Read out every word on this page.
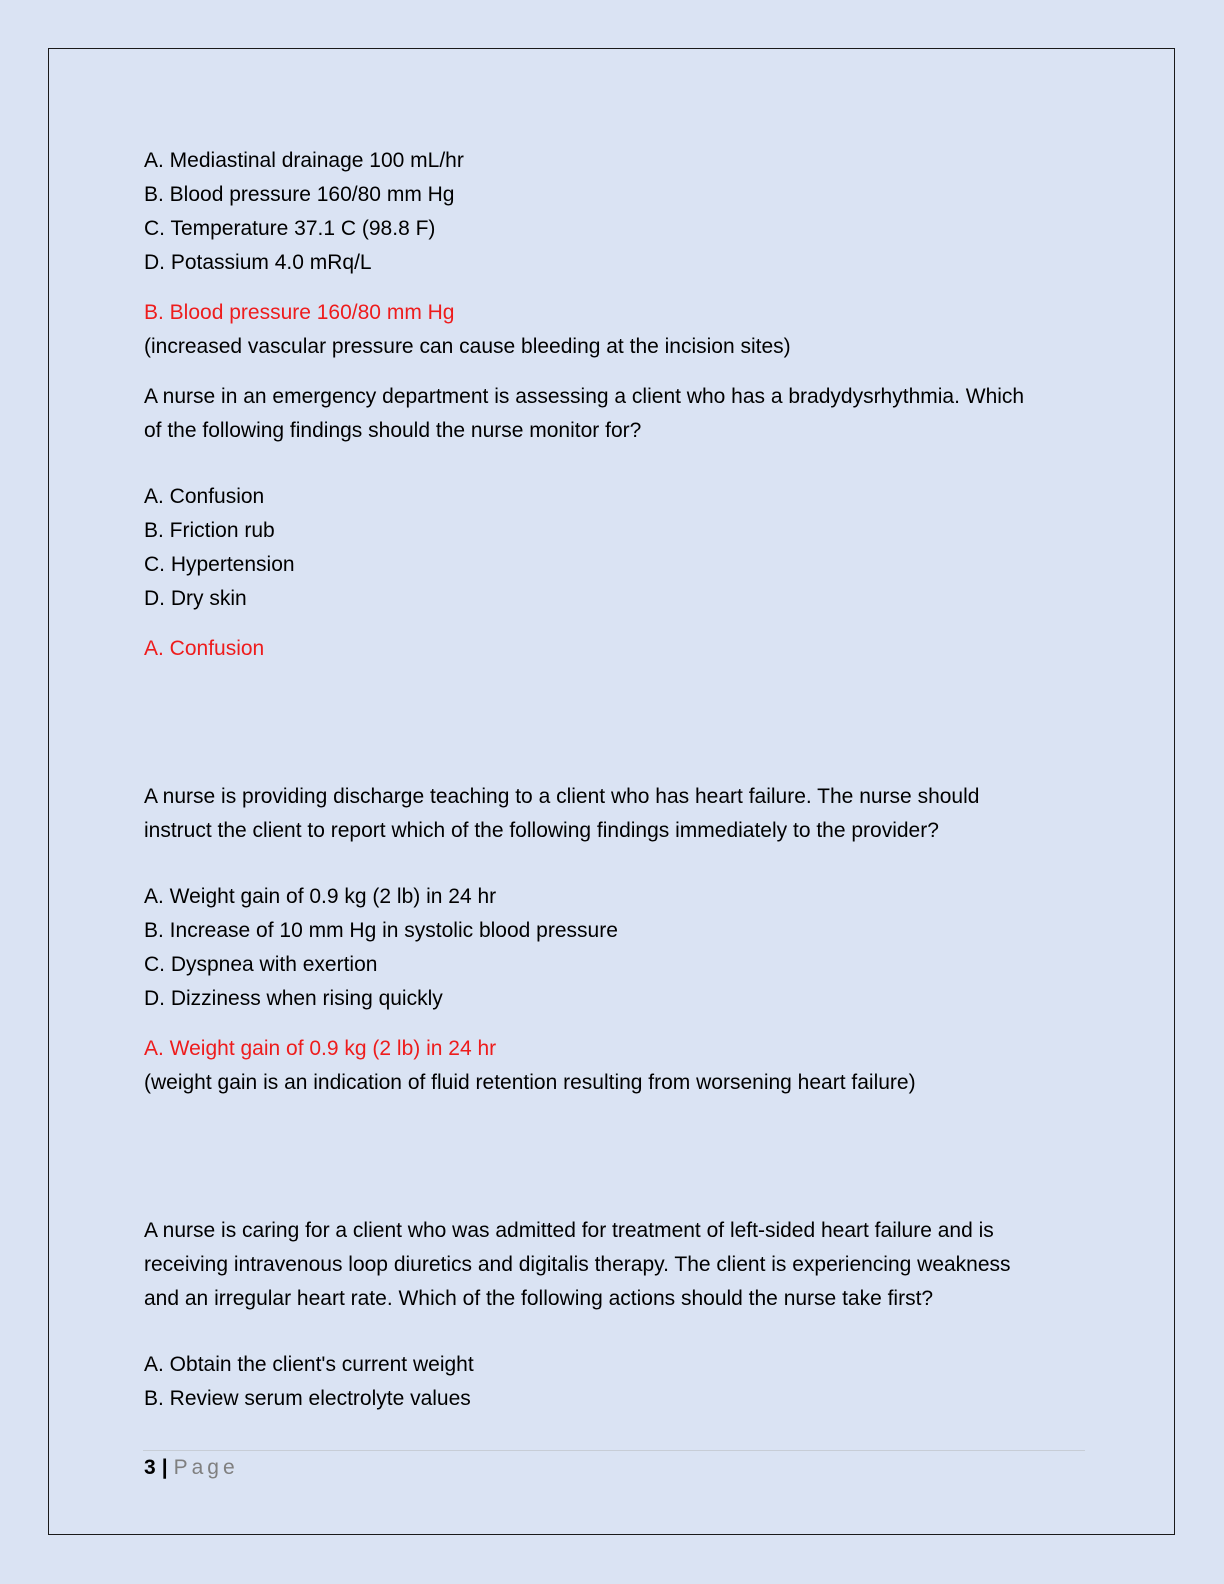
A. Mediastinal drainage 100 mL/hr
B. Blood pressure 160/80 mm Hg
C. Temperature 37.1 C (98.8 F)
D. Potassium 4.0 mRq/L
B. Blood pressure 160/80 mm Hg
(increased vascular pressure can cause bleeding at the incision sites)
A nurse in an emergency department is assessing a client who has a bradydysrhythmia. Which
of the following findings should the nurse monitor for?
A. Confusion
B. Friction rub
C. Hypertension
D. Dry skin
A. Confusion
A nurse is providing discharge teaching to a client who has heart failure. The nurse should
instruct the client to report which of the following findings immediately to the provider?
A. Weight gain of 0.9 kg (2 lb) in 24 hr
B. Increase of 10 mm Hg in systolic blood pressure
C. Dyspnea with exertion
D. Dizziness when rising quickly
A. Weight gain of 0.9 kg (2 lb) in 24 hr
(weight gain is an indication of fluid retention resulting from worsening heart failure)
A nurse is caring for a client who was admitted for treatment of left-sided heart failure and is
receiving intravenous loop diuretics and digitalis therapy. The client is experiencing weakness
and an irregular heart rate. Which of the following actions should the nurse take first?
A. Obtain the client's current weight
B. Review serum electrolyte values
3 | Page
